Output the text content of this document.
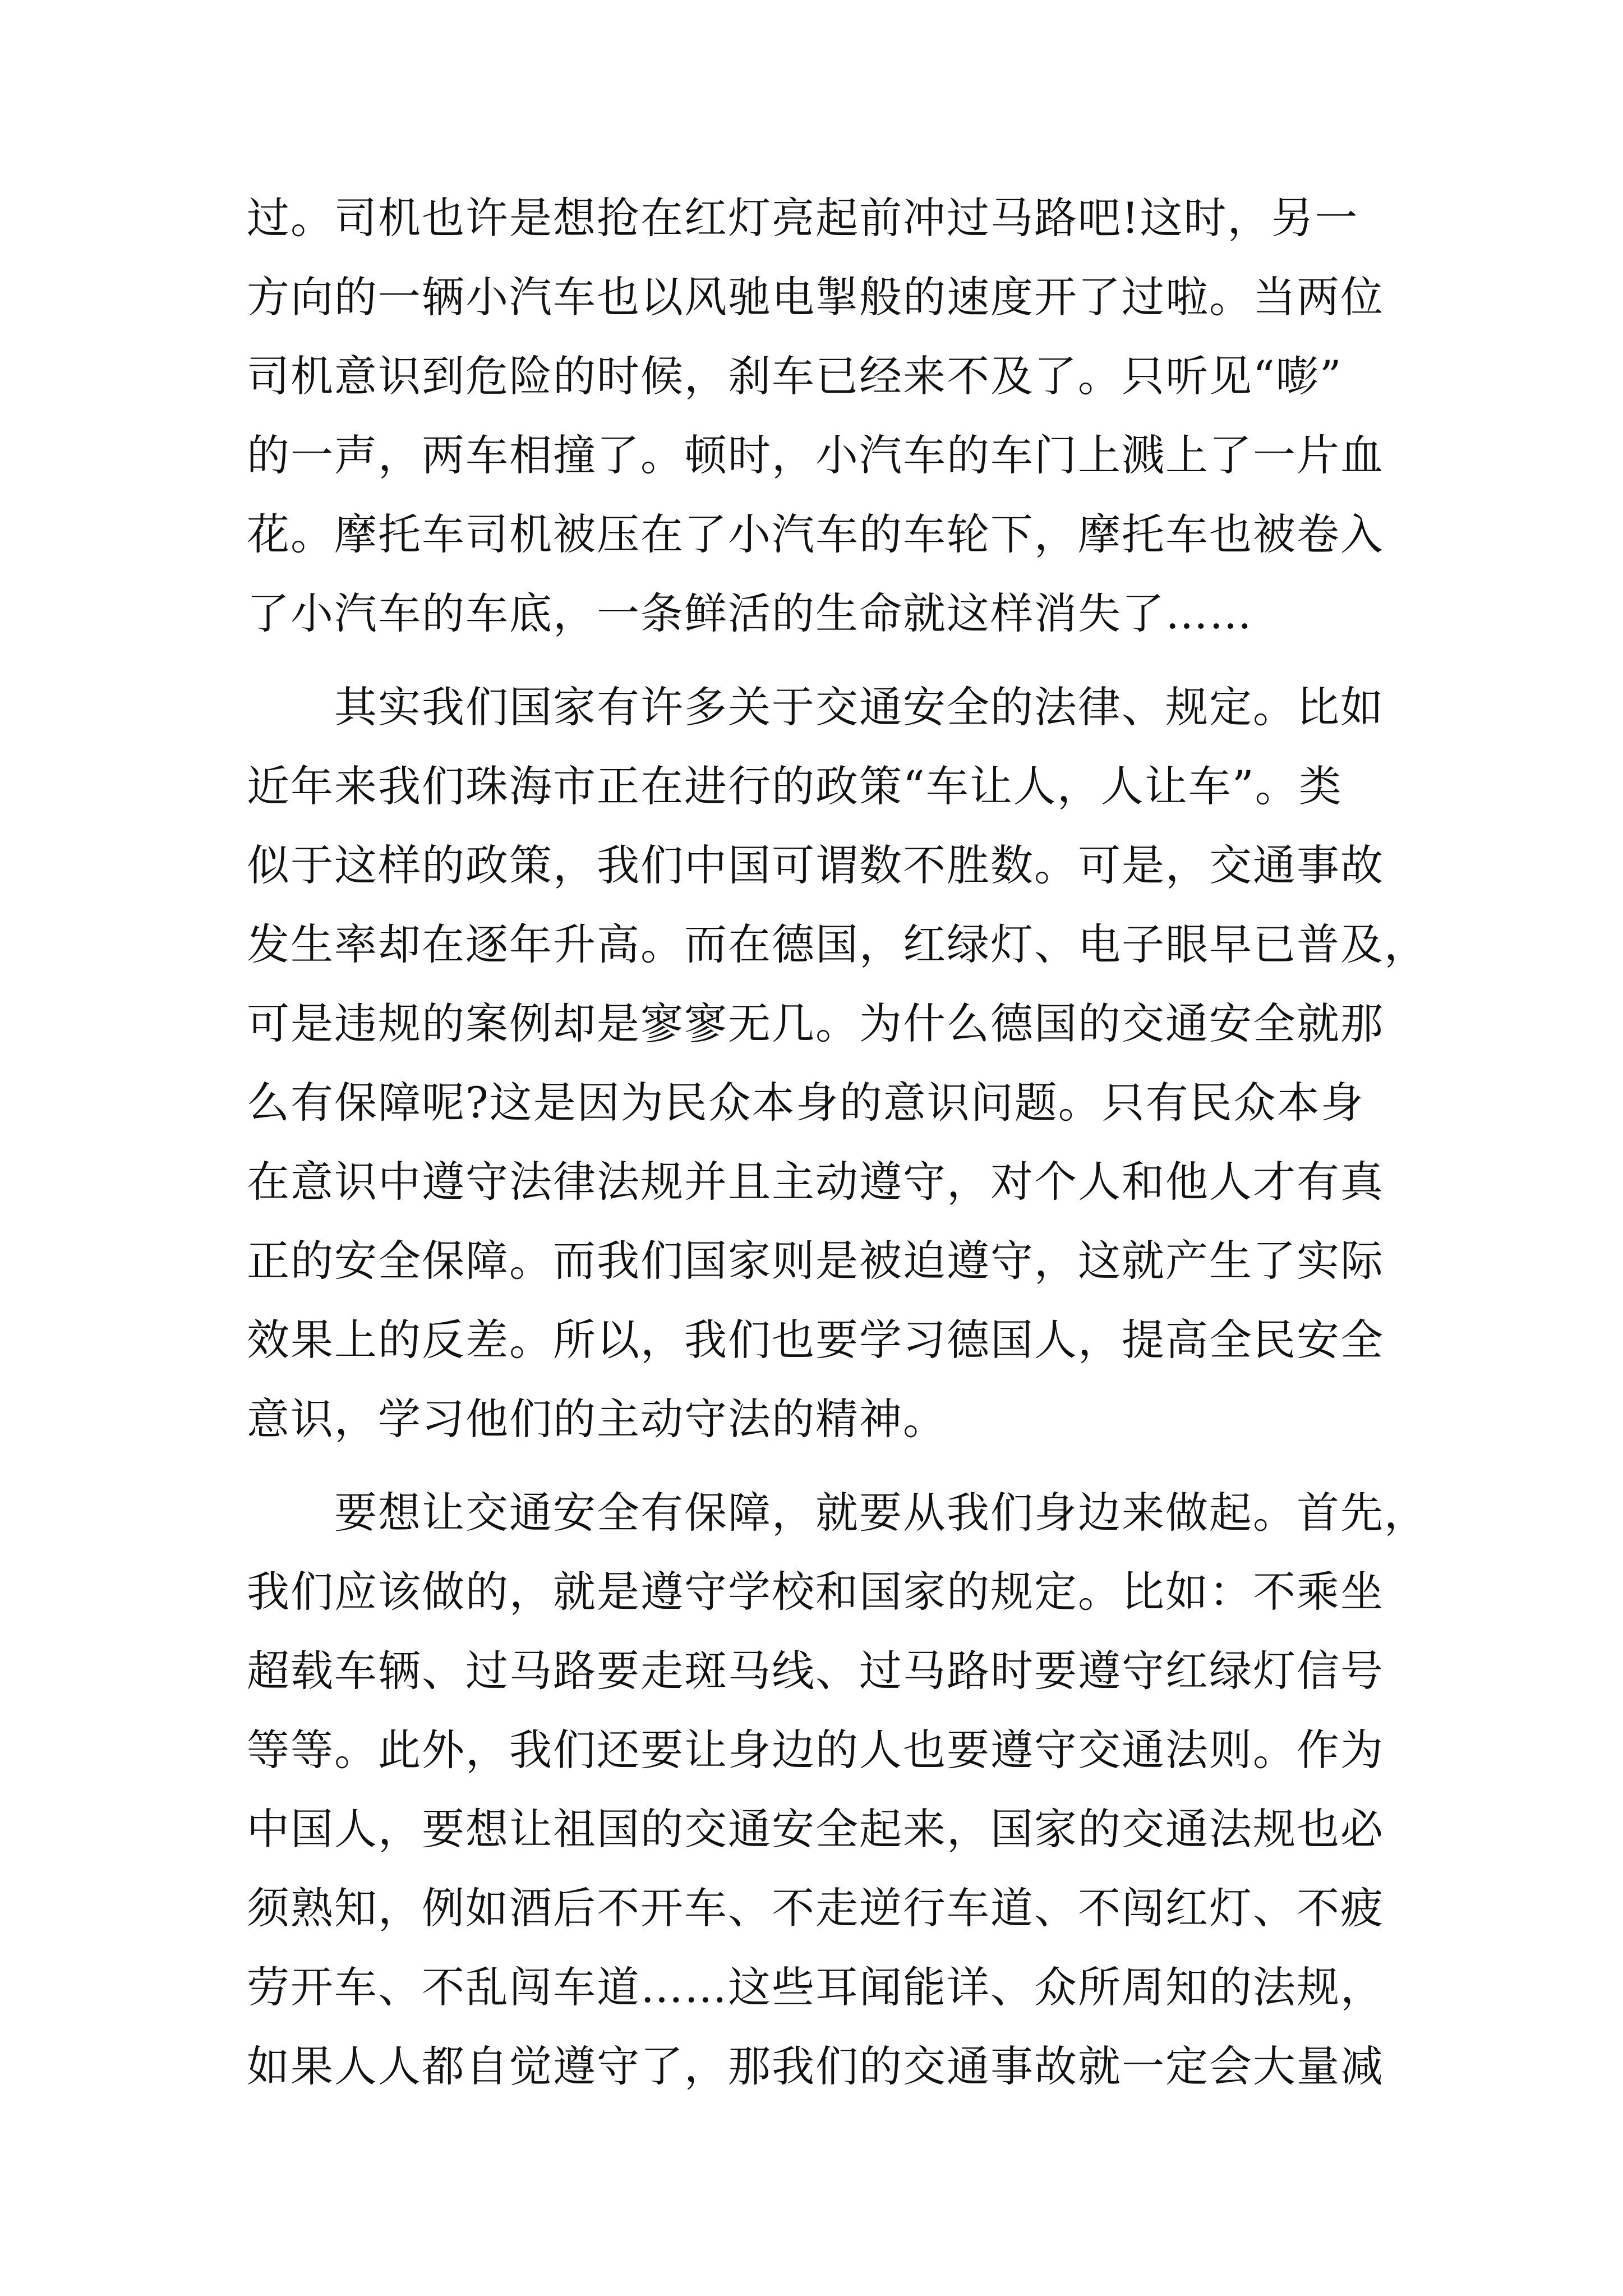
过。司机也许是想抢在红灯亮起前冲过马路吧!这时，另一
方向的一辆小汽车也以风驰电掣般的速度开了过啦。当两位
司机意识到危险的时候，刹车已经来不及了。只听见“嘭”
的一声，两车相撞了。顿时，小汽车的车门上溅上了一片血
花。摩托车司机被压在了小汽车的车轮下，摩托车也被卷入
了小汽车的车底，一条鲜活的生命就这样消失了……
　　其实我们国家有许多关于交通安全的法律、规定。比如
近年来我们珠海市正在进行的政策“车让人，人让车”。类
似于这样的政策，我们中国可谓数不胜数。可是，交通事故
发生率却在逐年升高。而在德国，红绿灯、电子眼早已普及，
可是违规的案例却是寥寥无几。为什么德国的交通安全就那
么有保障呢?这是因为民众本身的意识问题。只有民众本身
在意识中遵守法律法规并且主动遵守，对个人和他人才有真
正的安全保障。而我们国家则是被迫遵守，这就产生了实际
效果上的反差。所以，我们也要学习德国人，提高全民安全
意识，学习他们的主动守法的精神。
　　要想让交通安全有保障，就要从我们身边来做起。首先，
我们应该做的，就是遵守学校和国家的规定。比如：不乘坐
超载车辆、过马路要走斑马线、过马路时要遵守红绿灯信号
等等。此外，我们还要让身边的人也要遵守交通法则。作为
中国人，要想让祖国的交通安全起来，国家的交通法规也必
须熟知，例如酒后不开车、不走逆行车道、不闯红灯、不疲
劳开车、不乱闯车道……这些耳闻能详、众所周知的法规，
如果人人都自觉遵守了，那我们的交通事故就一定会大量减
